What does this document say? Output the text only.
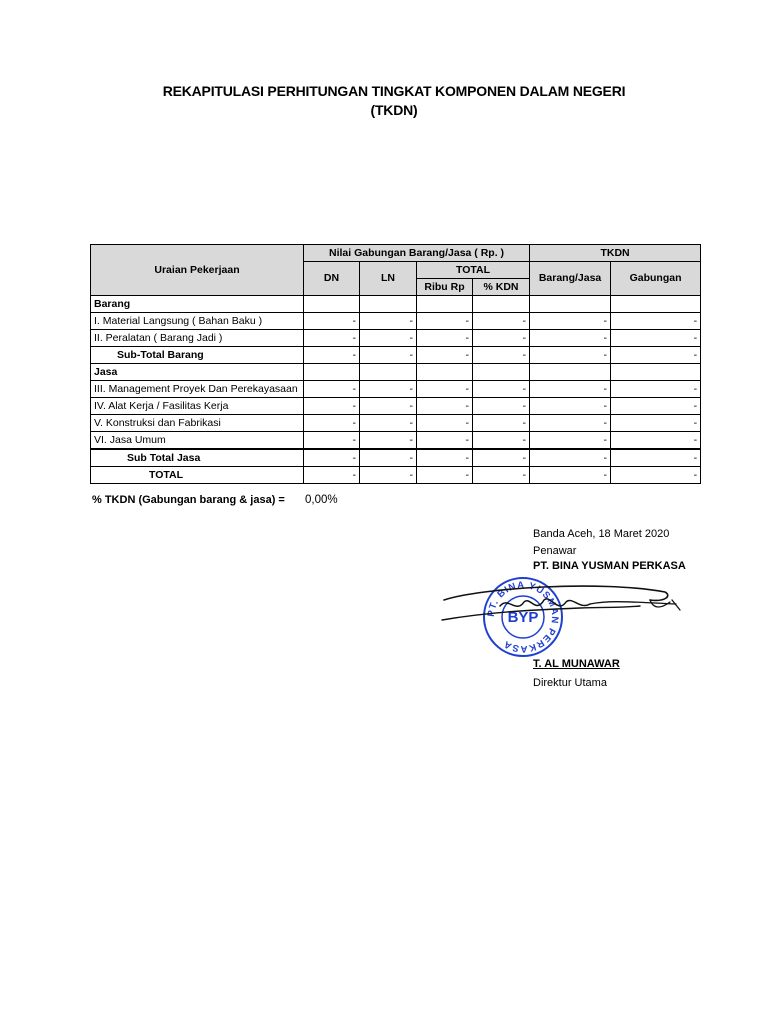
REKAPITULASI PERHITUNGAN TINGKAT KOMPONEN DALAM NEGERI
(TKDN)
Uraian Pekerjaan	Nilai Gabungan Barang/Jasa ( Rp. )				TKDN	
	DN	LN	TOTAL		Barang/Jasa	Gabungan
			Ribu Rp	% KDN		
Barang						
I. Material Langsung ( Bahan Baku )	-	-	-	-	-	-
II. Peralatan ( Barang Jadi )	-	-	-	-	-	-
Sub-Total Barang	-	-	-	-	-	-
Jasa						
III. Management Proyek Dan Perekayasaan	-	-	-	-	-	-
IV. Alat Kerja / Fasilitas Kerja	-	-	-	-	-	-
V. Konstruksi dan Fabrikasi	-	-	-	-	-	-
VI. Jasa Umum	-	-	-	-	-	-
Sub Total Jasa	-	-	-	-	-	-
TOTAL	-	-	-	-	-	-
% TKDN (Gabungan barang & jasa) = 0,00%
Banda Aceh, 18 Maret 2020
Penawar
PT. BINA YUSMAN PERKASA
PT. BINA YUSMAN PERKASA
BYP
T. AL MUNAWAR
Direktur Utama
